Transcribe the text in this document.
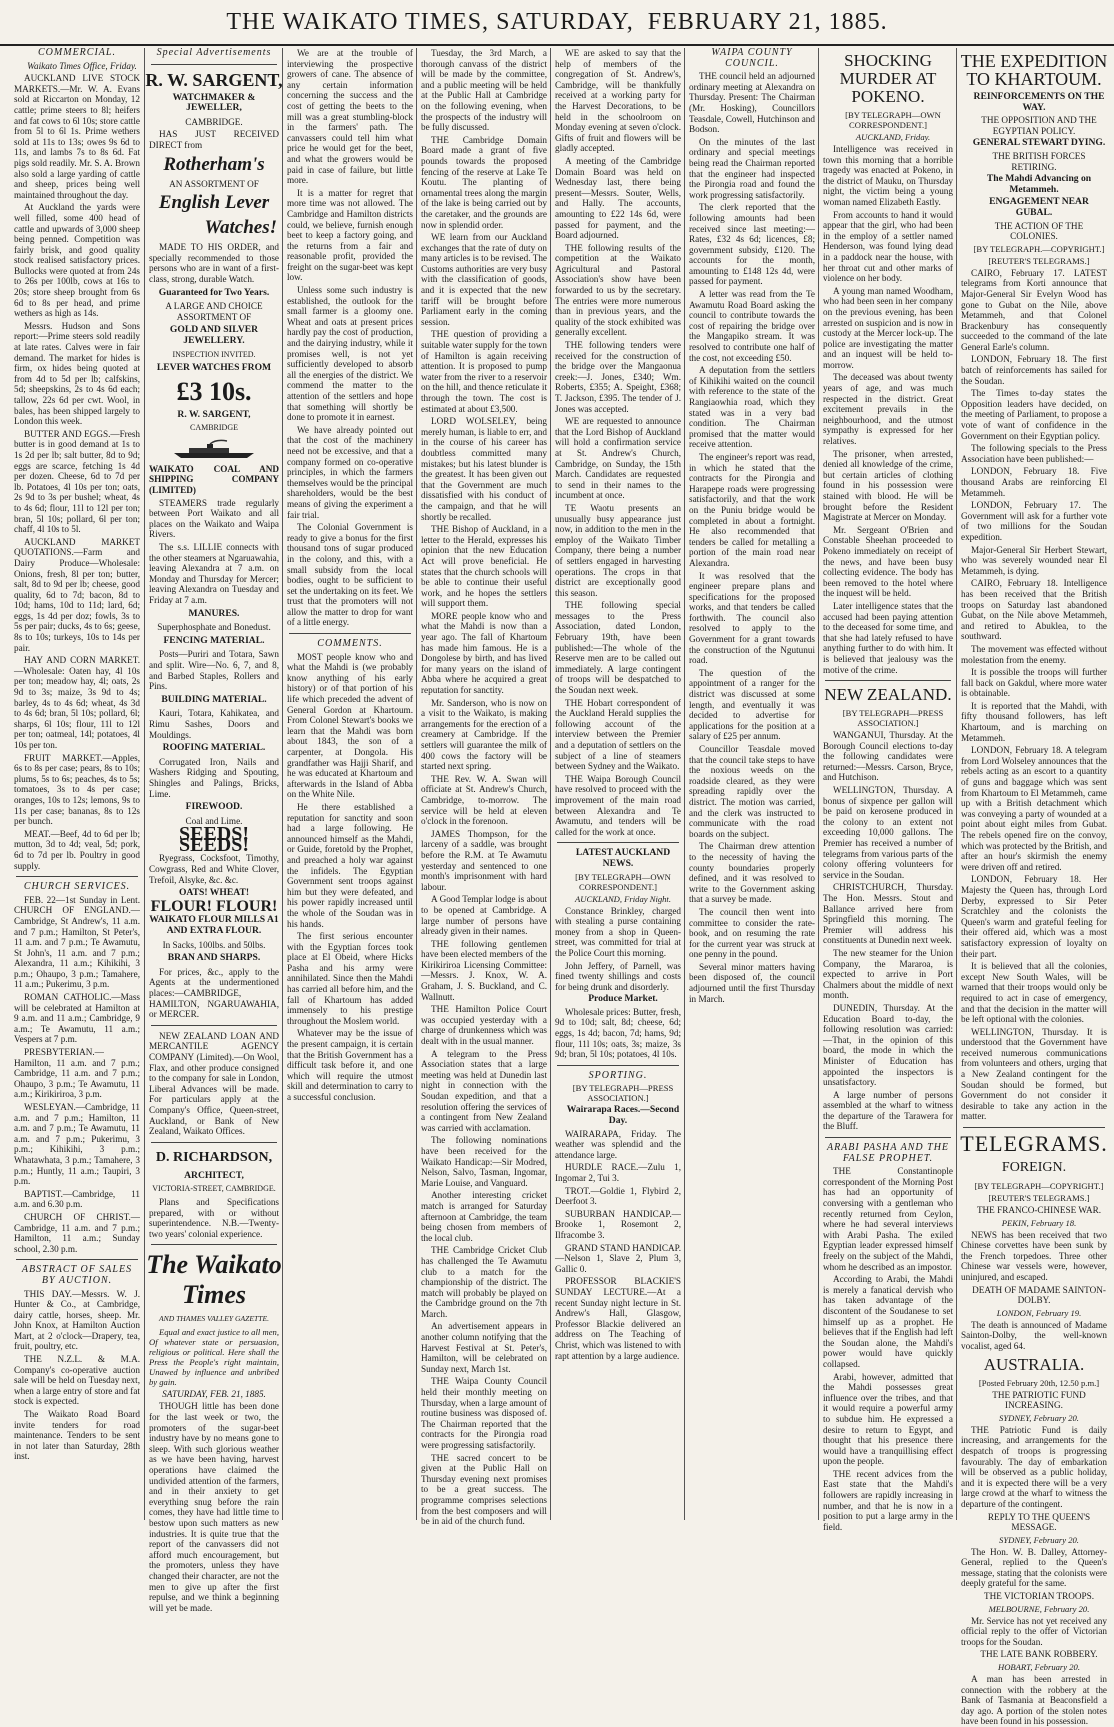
THE WAIKATO TIMES, SATURDAY,  FEBRUARY 21, 1885.

COMMERCIAL.

Waikato Times Office, Friday.

AUCKLAND LIVE STOCK MARKETS.—Mr. W. A. Evans sold at Riccarton on Monday, 12 cattle; prime steers to 8l; heifers and fat cows to 6l 10s; store cattle from 5l to 6l 1s. Prime wethers sold at 11s to 13s; owes 9s 6d to 11s, and lambs 7s to 8s 6d. Fat pigs sold readily. Mr. S. A. Brown also sold a large yarding of cattle and sheep, prices being well maintained throughout the day.

At Auckland the yards were well filled, some 400 head of cattle and upwards of 3,000 sheep being penned. Competition was fairly brisk, and good quality stock realised satisfactory prices. Bullocks were quoted at from 24s to 26s per 100lb, cows at 16s to 20s; store sheep brought from 6s 6d to 8s per head, and prime wethers as high as 14s.

Messrs. Hudson and Sons report:—Prime steers sold readily at late rates. Calves were in fair demand. The market for hides is firm, ox hides being quoted at from 4d to 5d per lb; calfskins, 5d; sheepskins, 2s to 4s 6d each; tallow, 22s 6d per cwt. Wool, in bales, has been shipped largely to London this week.

BUTTER AND EGGS.—Fresh butter is in good demand at 1s to 1s 2d per lb; salt butter, 8d to 9d; eggs are scarce, fetching 1s 4d per dozen. Cheese, 6d to 7d per lb. Potatoes, 4l 10s per ton; oats, 2s 9d to 3s per bushel; wheat, 4s to 4s 6d; flour, 11l to 12l per ton; bran, 5l 10s; pollard, 6l per ton; chaff, 4l 10s to 5l.

AUCKLAND MARKET QUOTATIONS.—Farm and Dairy Produce—Wholesale: Onions, fresh, 8l per ton; butter, salt, 8d to 9d per lb; cheese, good quality, 6d to 7d; bacon, 8d to 10d; hams, 10d to 11d; lard, 6d; eggs, 1s 4d per doz; fowls, 3s to 5s per pair; ducks, 4s to 6s; geese, 8s to 10s; turkeys, 10s to 14s per pair.

HAY AND CORN MARKET.—Wholesale: Oaten hay, 4l 10s per ton; meadow hay, 4l; oats, 2s 9d to 3s; maize, 3s 9d to 4s; barley, 4s to 4s 6d; wheat, 4s 3d to 4s 6d; bran, 5l 10s; pollard, 6l; sharps, 6l 10s; flour, 11l to 12l per ton; oatmeal, 14l; potatoes, 4l 10s per ton.

FRUIT MARKET.—Apples, 6s to 8s per case; pears, 8s to 10s; plums, 5s to 6s; peaches, 4s to 5s; tomatoes, 3s to 4s per case; oranges, 10s to 12s; lemons, 9s to 11s per case; bananas, 8s to 12s per bunch.

MEAT.—Beef, 4d to 6d per lb; mutton, 3d to 4d; veal, 5d; pork, 6d to 7d per lb. Poultry in good supply.

CHURCH SERVICES.

FEB. 22—1st Sunday in Lent. CHURCH OF ENGLAND.—Cambridge, St Andrew's, 11 a.m. and 7 p.m.; Hamilton, St Peter's, 11 a.m. and 7 p.m.; Te Awamutu, St John's, 11 a.m. and 7 p.m.; Alexandra, 11 a.m.; Kihikihi, 3 p.m.; Ohaupo, 3 p.m.; Tamahere, 11 a.m.; Pukerimu, 3 p.m.

ROMAN CATHOLIC.—Mass will be celebrated at Hamilton at 9 a.m. and 11 a.m.; Cambridge, 9 a.m.; Te Awamutu, 11 a.m.; Vespers at 7 p.m.

PRESBYTERIAN.—Hamilton, 11 a.m. and 7 p.m.; Cambridge, 11 a.m. and 7 p.m.; Ohaupo, 3 p.m.; Te Awamutu, 11 a.m.; Kirikiriroa, 3 p.m.

WESLEYAN.—Cambridge, 11 a.m. and 7 p.m.; Hamilton, 11 a.m. and 7 p.m.; Te Awamutu, 11 a.m. and 7 p.m.; Pukerimu, 3 p.m.; Kihikihi, 3 p.m.; Whatawhata, 3 p.m.; Tamahere, 3 p.m.; Huntly, 11 a.m.; Taupiri, 3 p.m.

BAPTIST.—Cambridge, 11 a.m. and 6.30 p.m.

CHURCH OF CHRIST.—Cambridge, 11 a.m. and 7 p.m.; Hamilton, 11 a.m.; Sunday school, 2.30 p.m.

ABSTRACT OF SALES BY AUCTION.

THIS DAY.—Messrs. W. J. Hunter & Co., at Cambridge, dairy cattle, horses, sheep. Mr. John Knox, at Hamilton Auction Mart, at 2 o'clock—Drapery, tea, fruit, poultry, etc.

THE N.Z.L. & M.A. Company's co-operative auction sale will be held on Tuesday next, when a large entry of store and fat stock is expected.

The Waikato Road Board invite tenders for road maintenance. Tenders to be sent in not later than Saturday, 28th inst.

Special Advertisements

R. W. SARGENT,
WATCHMAKER & JEWELLER,
CAMBRIDGE.

HAS JUST RECEIVED DIRECT from

Rotherham's
AN ASSORTMENT OF
English Lever
Watches!

MADE TO HIS ORDER, and specially recommended to those persons who are in want of a first-class, strong, durable Watch.

Guaranteed for Two Years.
A LARGE AND CHOICE ASSORTMENT OF
GOLD AND SILVER JEWELLERY.
INSPECTION INVITED.
LEVER WATCHES FROM
£3 10s.
R. W. SARGENT,
CAMBRIDGE

WAIKATO COAL AND SHIPPING COMPANY (LIMITED)

STEAMERS trade regularly between Port Waikato and all places on the Waikato and Waipa Rivers.

The s.s. LILLIE connects with the other steamers at Ngaruawahia, leaving Alexandra at 7 a.m. on Monday and Thursday for Mercer; leaving Alexandra on Tuesday and Friday at 7 a.m.

MANURES.
Superphosphate and Bonedust.
FENCING MATERIAL.

Posts—Puriri and Totara, Sawn and split. Wire—No. 6, 7, and 8, and Barbed Staples, Rollers and Pins.

BUILDING MATERIAL.

Kauri, Totara, Kahikatea, and Rimu Sashes, Doors and Mouldings.

ROOFING MATERIAL.

Corrugated Iron, Nails and Washers Ridging and Spouting, Shingles and Palings, Bricks, Lime.

FIREWOOD.
Coal and Lime.
SEEDS! SEEDS!

Ryegrass, Cocksfoot, Timothy, Cowgrass, Red and White Clover, Trefoil, Alsyke, &c. &c.

OATS! WHEAT!
FLOUR! FLOUR!
WAIKATO FLOUR MILLS A1 AND EXTRA FLOUR.
In Sacks, 100lbs. and 50lbs.
BRAN AND SHARPS.

For prices, &c., apply to the Agents at the undermentioned places:—CAMBRIDGE, HAMILTON, NGARUAWAHIA, or MERCER.

NEW ZEALAND LOAN AND MERCANTILE AGENCY COMPANY (Limited).—On Wool, Flax, and other produce consigned to the company for sale in London, Liberal Advances will be made. For particulars apply at the Company's Office, Queen-street, Auckland, or Bank of New Zealand, Waikato Offices.

D. RICHARDSON,
ARCHITECT,
VICTORIA-STREET, CAMBRIDGE.

Plans and Specifications prepared, with or without superintendence. N.B.—Twenty-two years' colonial experience.

The Waikato Times
AND THAMES VALLEY GAZETTE.

Equal and exact justice to all men, Of whatever state or persuasion, religious or political. Here shall the Press the People's right maintain, Unawed by influence and unbribed by gain.

SATURDAY, FEB. 21, 1885.

THOUGH little has been done for the last week or two, the promoters of the sugar-beet industry have by no means gone to sleep. With such glorious weather as we have been having, harvest operations have claimed the undivided attention of the farmers, and in their anxiety to get everything snug before the rain comes, they have had little time to bestow upon such matters as new industries. It is quite true that the report of the canvassers did not afford much encouragement, but the promoters, unless they have changed their character, are not the men to give up after the first repulse, and we think a beginning will yet be made.

We are at the trouble of interviewing the prospective growers of cane. The absence of any certain information concerning the success and the cost of getting the beets to the mill was a great stumbling-block in the farmers' path. The canvassers could tell him what price he would get for the beet, and what the growers would be paid in case of failure, but little more.

It is a matter for regret that more time was not allowed. The Cambridge and Hamilton districts could, we believe, furnish enough beet to keep a factory going, and the returns from a fair and reasonable profit, provided the freight on the sugar-beet was kept low.

Unless some such industry is established, the outlook for the small farmer is a gloomy one. Wheat and oats at present prices hardly pay the cost of production, and the dairying industry, while it promises well, is not yet sufficiently developed to absorb all the energies of the district. We commend the matter to the attention of the settlers and hope that something will shortly be done to promote it in earnest.

We have already pointed out that the cost of the machinery need not be excessive, and that a company formed on co-operative principles, in which the farmers themselves would be the principal shareholders, would be the best means of giving the experiment a fair trial.

The Colonial Government is ready to give a bonus for the first thousand tons of sugar produced in the colony, and this, with a small subsidy from the local bodies, ought to be sufficient to set the undertaking on its feet. We trust that the promoters will not allow the matter to drop for want of a little energy.

COMMENTS.

MOST people know who and what the Mahdi is (we probably know anything of his early history) or of that portion of his life which preceded the advent of General Gordon at Khartoum. From Colonel Stewart's books we learn that the Mahdi was born about 1843, the son of a carpenter, at Dongola. His grandfather was Hajji Sharif, and he was educated at Khartoum and afterwards in the Island of Abba on the White Nile.

He there established a reputation for sanctity and soon had a large following. He announced himself as the Mahdi, or Guide, foretold by the Prophet, and preached a holy war against the infidels. The Egyptian Government sent troops against him but they were defeated, and his power rapidly increased until the whole of the Soudan was in his hands.

The first serious encounter with the Egyptian forces took place at El Obeid, where Hicks Pasha and his army were annihilated. Since then the Mahdi has carried all before him, and the fall of Khartoum has added immensely to his prestige throughout the Moslem world.

Whatever may be the issue of the present campaign, it is certain that the British Government has a difficult task before it, and one which will require the utmost skill and determination to carry to a successful conclusion.

Tuesday, the 3rd March, a thorough canvass of the district will be made by the committee, and a public meeting will be held at the Public Hall at Cambridge on the following evening, when the prospects of the industry will be fully discussed.

THE Cambridge Domain Board made a grant of five pounds towards the proposed fencing of the reserve at Lake Te Koutu. The planting of ornamental trees along the margin of the lake is being carried out by the caretaker, and the grounds are now in splendid order.

WE learn from our Auckland exchanges that the rate of duty on many articles is to be revised. The Customs authorities are very busy with the classification of goods, and it is expected that the new tariff will be brought before Parliament early in the coming session.

THE question of providing a suitable water supply for the town of Hamilton is again receiving attention. It is proposed to pump water from the river to a reservoir on the hill, and thence reticulate it through the town. The cost is estimated at about £3,500.

LORD WOLSELEY, being merely human, is liable to err, and in the course of his career has doubtless committed many mistakes; but his latest blunder is the greatest. It has been given out that the Government are much dissatisfied with his conduct of the campaign, and that he will shortly be recalled.

THE Bishop of Auckland, in a letter to the Herald, expresses his opinion that the new Education Act will prove beneficial. He states that the church schools will be able to continue their useful work, and he hopes the settlers will support them.

MORE people know who and what the Mahdi is now than a year ago. The fall of Khartoum has made him famous. He is a Dongolese by birth, and has lived for many years on the island of Abba where he acquired a great reputation for sanctity.

Mr. Sanderson, who is now on a visit to the Waikato, is making arrangements for the erection of a creamery at Cambridge. If the settlers will guarantee the milk of 400 cows the factory will be started next spring.

THE Rev. W. A. Swan will officiate at St. Andrew's Church, Cambridge, to-morrow. The service will be held at eleven o'clock in the forenoon.

JAMES Thompson, for the larceny of a saddle, was brought before the R.M. at Te Awamutu yesterday and sentenced to one month's imprisonment with hard labour.

A Good Templar lodge is about to be opened at Cambridge. A large number of persons have already given in their names.

THE following gentlemen have been elected members of the Kirikiriroa Licensing Committee:—Messrs. J. Knox, W. A. Graham, J. S. Buckland, and C. Wallnutt.

THE Hamilton Police Court was occupied yesterday with a charge of drunkenness which was dealt with in the usual manner.

A telegram to the Press Association states that a large meeting was held at Dunedin last night in connection with the Soudan expedition, and that a resolution offering the services of a contingent from New Zealand was carried with acclamation.

The following nominations have been received for the Waikato Handicap:—Sir Modred, Nelson, Salvo, Tasman, Ingomar, Marie Louise, and Vanguard.

Another interesting cricket match is arranged for Saturday afternoon at Cambridge, the team being chosen from members of the local club.

THE Cambridge Cricket Club has challenged the Te Awamutu club to a match for the championship of the district. The match will probably be played on the Cambridge ground on the 7th March.

An advertisement appears in another column notifying that the Harvest Festival at St. Peter's, Hamilton, will be celebrated on Sunday next, March 1st.

THE Waipa County Council held their monthly meeting on Thursday, when a large amount of routine business was disposed of. The Chairman reported that the contracts for the Pirongia road were progressing satisfactorily.

THE sacred concert to be given at the Public Hall on Thursday evening next promises to be a great success. The programme comprises selections from the best composers and will be in aid of the church fund.

WE are asked to say that the help of members of the congregation of St. Andrew's, Cambridge, will be thankfully received at a working party for the Harvest Decorations, to be held in the schoolroom on Monday evening at seven o'clock. Gifts of fruit and flowers will be gladly accepted.

A meeting of the Cambridge Domain Board was held on Wednesday last, there being present—Messrs. Souter, Wells, and Hally. The accounts, amounting to £22 14s 6d, were passed for payment, and the Board adjourned.

THE following results of the competition at the Waikato Agricultural and Pastoral Association's show have been forwarded to us by the secretary. The entries were more numerous than in previous years, and the quality of the stock exhibited was generally excellent.

THE following tenders were received for the construction of the bridge over the Mangaonua creek:—J. Jones, £340; Wm. Roberts, £355; A. Speight, £368; T. Jackson, £395. The tender of J. Jones was accepted.

WE are requested to announce that the Lord Bishop of Auckland will hold a confirmation service at St. Andrew's Church, Cambridge, on Sunday, the 15th March. Candidates are requested to send in their names to the incumbent at once.

TE Waotu presents an unusually busy appearance just now, in addition to the men in the employ of the Waikato Timber Company, there being a number of settlers engaged in harvesting operations. The crops in that district are exceptionally good this season.

THE following special messages to the Press Association, dated London, February 19th, have been published:—The whole of the Reserve men are to be called out immediately. A large contingent of troops will be despatched to the Soudan next week.

THE Hobart correspondent of the Auckland Herald supplies the following account of the interview between the Premier and a deputation of settlers on the subject of a line of steamers between Sydney and the Waikato.

THE Waipa Borough Council have resolved to proceed with the improvement of the main road between Alexandra and Te Awamutu, and tenders will be called for the work at once.

LATEST AUCKLAND NEWS.

[BY TELEGRAPH—OWN CORRESPONDENT.]

AUCKLAND, Friday Night.

Constance Brinkley, charged with stealing a purse containing money from a shop in Queen-street, was committed for trial at the Police Court this morning.

John Jeffery, of Parnell, was fined twenty shillings and costs for being drunk and disorderly.

Produce Market.

Wholesale prices: Butter, fresh, 9d to 10d; salt, 8d; cheese, 6d; eggs, 1s 4d; bacon, 7d; hams, 9d; flour, 11l 10s; oats, 3s; maize, 3s 9d; bran, 5l 10s; potatoes, 4l 10s.

SPORTING.

[BY TELEGRAPH—PRESS ASSOCIATION.]

Wairarapa Races.—Second Day.

WAIRARAPA, Friday. The weather was splendid and the attendance large.

HURDLE RACE.—Zulu 1, Ingomar 2, Tui 3.

TROT.—Goldie 1, Flybird 2, Deerfoot 3.

SUBURBAN HANDICAP.—Brooke 1, Rosemont 2, Ilfracombe 3.

GRAND STAND HANDICAP.—Nelson 1, Slave 2, Plum 3, Gallic 0.

PROFESSOR BLACKIE'S SUNDAY LECTURE.—At a recent Sunday night lecture in St. Andrew's Hall, Glasgow, Professor Blackie delivered an address on The Teaching of Christ, which was listened to with rapt attention by a large audience.

WAIPA COUNTY COUNCIL.

THE council held an adjourned ordinary meeting at Alexandra on Thursday. Present: The Chairman (Mr. Hosking), Councillors Teasdale, Cowell, Hutchinson and Bodson.

On the minutes of the last ordinary and special meetings being read the Chairman reported that the engineer had inspected the Pirongia road and found the work progressing satisfactorily.

The clerk reported that the following amounts had been received since last meeting:—Rates, £32 4s 6d; licences, £8; government subsidy, £120. The accounts for the month, amounting to £148 12s 4d, were passed for payment.

A letter was read from the Te Awamutu Road Board asking the council to contribute towards the cost of repairing the bridge over the Mangapiko stream. It was resolved to contribute one half of the cost, not exceeding £50.

A deputation from the settlers of Kihikihi waited on the council with reference to the state of the Rangiaowhia road, which they stated was in a very bad condition. The Chairman promised that the matter would receive attention.

The engineer's report was read, in which he stated that the contracts for the Pirongia and Harapepe roads were progressing satisfactorily, and that the work on the Puniu bridge would be completed in about a fortnight. He also recommended that tenders be called for metalling a portion of the main road near Alexandra.

It was resolved that the engineer prepare plans and specifications for the proposed works, and that tenders be called forthwith. The council also resolved to apply to the Government for a grant towards the construction of the Ngutunui road.

The question of the appointment of a ranger for the district was discussed at some length, and eventually it was decided to advertise for applications for the position at a salary of £25 per annum.

Councillor Teasdale moved that the council take steps to have the noxious weeds on the roadside cleared, as they were spreading rapidly over the district. The motion was carried, and the clerk was instructed to communicate with the road boards on the subject.

The Chairman drew attention to the necessity of having the county boundaries properly defined, and it was resolved to write to the Government asking that a survey be made.

The council then went into committee to consider the rate-book, and on resuming the rate for the current year was struck at one penny in the pound.

Several minor matters having been disposed of, the council adjourned until the first Thursday in March.

SHOCKING MURDER AT POKENO.

[BY TELEGRAPH—OWN CORRESPONDENT.]

AUCKLAND, Friday.

Intelligence was received in town this morning that a horrible tragedy was enacted at Pokeno, in the district of Mauku, on Thursday night, the victim being a young woman named Elizabeth Eastly.

From accounts to hand it would appear that the girl, who had been in the employ of a settler named Henderson, was found lying dead in a paddock near the house, with her throat cut and other marks of violence on her body.

A young man named Woodham, who had been seen in her company on the previous evening, has been arrested on suspicion and is now in custody at the Mercer lock-up. The police are investigating the matter and an inquest will be held to-morrow.

The deceased was about twenty years of age, and was much respected in the district. Great excitement prevails in the neighbourhood, and the utmost sympathy is expressed for her relatives.

The prisoner, when arrested, denied all knowledge of the crime, but certain articles of clothing found in his possession were stained with blood. He will be brought before the Resident Magistrate at Mercer on Monday.

Mr. Sergeant O'Brien and Constable Sheehan proceeded to Pokeno immediately on receipt of the news, and have been busy collecting evidence. The body has been removed to the hotel where the inquest will be held.

Later intelligence states that the accused had been paying attention to the deceased for some time, and that she had lately refused to have anything further to do with him. It is believed that jealousy was the motive of the crime.

NEW ZEALAND.

[BY TELEGRAPH—PRESS ASSOCIATION.]

WANGANUI, Thursday. At the Borough Council elections to-day the following candidates were returned:—Messrs. Carson, Bryce, and Hutchison.

WELLINGTON, Thursday. A bonus of sixpence per gallon will be paid on kerosene produced in the colony to an extent not exceeding 10,000 gallons. The Premier has received a number of telegrams from various parts of the colony offering volunteers for service in the Soudan.

CHRISTCHURCH, Thursday. The Hon. Messrs. Stout and Ballance arrived here from Springfield this morning. The Premier will address his constituents at Dunedin next week.

The new steamer for the Union Company, the Mararoa, is expected to arrive in Port Chalmers about the middle of next month.

DUNEDIN, Thursday. At the Education Board to-day, the following resolution was carried:—That, in the opinion of this board, the mode in which the Minister of Education has appointed the inspectors is unsatisfactory.

A large number of persons assembled at the wharf to witness the departure of the Tarawera for the Bluff.

ARABI PASHA AND THE FALSE PROPHET.

THE Constantinople correspondent of the Morning Post has had an opportunity of conversing with a gentleman who recently returned from Ceylon, where he had several interviews with Arabi Pasha. The exiled Egyptian leader expressed himself freely on the subject of the Mahdi, whom he described as an impostor.

According to Arabi, the Mahdi is merely a fanatical dervish who has taken advantage of the discontent of the Soudanese to set himself up as a prophet. He believes that if the English had left the Soudan alone, the Mahdi's power would have quickly collapsed.

Arabi, however, admitted that the Mahdi possesses great influence over the tribes, and that it would require a powerful army to subdue him. He expressed a desire to return to Egypt, and thought that his presence there would have a tranquillising effect upon the people.

THE recent advices from the East state that the Mahdi's followers are rapidly increasing in number, and that he is now in a position to put a large army in the field.

THE EXPEDITION TO KHARTOUM.

REINFORCEMENTS ON THE WAY.

THE OPPOSITION AND THE EGYPTIAN POLICY.

GENERAL STEWART DYING.

THE BRITISH FORCES RETIRING.

The Mahdi Advancing on Metammeh.

ENGAGEMENT NEAR GUBAL.

THE ACTION OF THE COLONIES.

[BY TELEGRAPH.—COPYRIGHT.]

[REUTER'S TELEGRAMS.]

CAIRO, February 17. LATEST telegrams from Korti announce that Major-General Sir Evelyn Wood has gone to Gubat on the Nile, above Metammeh, and that Colonel Brackenbury has consequently succeeded to the command of the late General Earle's column.

LONDON, February 18. The first batch of reinforcements has sailed for the Soudan.

The Times to-day states the Opposition leaders have decided, on the meeting of Parliament, to propose a vote of want of confidence in the Government on their Egyptian policy.

The following specials to the Press Association have been published:—

LONDON, February 18. Five thousand Arabs are reinforcing El Metammeh.

LONDON, February 17. The Government will ask for a further vote of two millions for the Soudan expedition.

Major-General Sir Herbert Stewart, who was severely wounded near El Metammeh, is dying.

CAIRO, February 18. Intelligence has been received that the British troops on Saturday last abandoned Gubat, on the Nile above Metammeh, and retired to Abuklea, to the southward.

The movement was effected without molestation from the enemy.

It is possible the troops will further fall back on Gakdul, where more water is obtainable.

It is reported that the Mahdi, with fifty thousand followers, has left Khartoum, and is marching on Metammeh.

LONDON, February 18. A telegram from Lord Wolseley announces that the rebels acting as an escort to a quantity of guns and baggage which was sent from Khartoum to El Metammeh, came up with a British detachment which was conveying a party of wounded at a point about eight miles from Gubat. The rebels opened fire on the convoy, which was protected by the British, and after an hour's skirmish the enemy were driven off and retired.

LONDON, February 18. Her Majesty the Queen has, through Lord Derby, expressed to Sir Peter Scratchley and the colonists the Queen's warm and grateful feeling for their offered aid, which was a most satisfactory expression of loyalty on their part.

It is believed that all the colonies, except New South Wales, will be warned that their troops would only be required to act in case of emergency, and that the decision in the matter will be left optional with the colonies.

WELLINGTON, Thursday. It is understood that the Government have received numerous communications from volunteers and others, urging that a New Zealand contingent for the Soudan should be formed, but Government do not consider it desirable to take any action in the matter.

TELEGRAMS.
FOREIGN.

[BY TELEGRAPH—COPYRIGHT.]

[REUTER'S TELEGRAMS.]

THE FRANCO-CHINESE WAR.

PEKIN, February 18.

NEWS has been received that two Chinese corvettes have been sunk by the French torpedoes. Three other Chinese war vessels were, however, uninjured, and escaped.

DEATH OF MADAME SAINTON-DOLBY.

LONDON, February 19.

The death is announced of Madame Sainton-Dolby, the well-known vocalist, aged 64.

AUSTRALIA.

[Posted February 20th, 12.50 p.m.]

THE PATRIOTIC FUND INCREASING.

SYDNEY, February 20.

THE Patriotic Fund is daily increasing, and arrangements for the despatch of troops is progressing favourably. The day of embarkation will be observed as a public holiday, and it is expected there will be a very large crowd at the wharf to witness the departure of the contingent.

REPLY TO THE QUEEN'S MESSAGE.

SYDNEY, February 20.

The Hon. W. B. Dalley, Attorney-General, replied to the Queen's message, stating that the colonists were deeply grateful for the same.

THE VICTORIAN TROOPS.

MELBOURNE, February 20.

Mr. Service has not yet received any official reply to the offer of Victorian troops for the Soudan.

THE LATE BANK ROBBERY.

HOBART, February 20.

A man has been arrested in connection with the robbery at the Bank of Tasmania at Beaconsfield a day ago. A portion of the stolen notes have been found in his possession.
